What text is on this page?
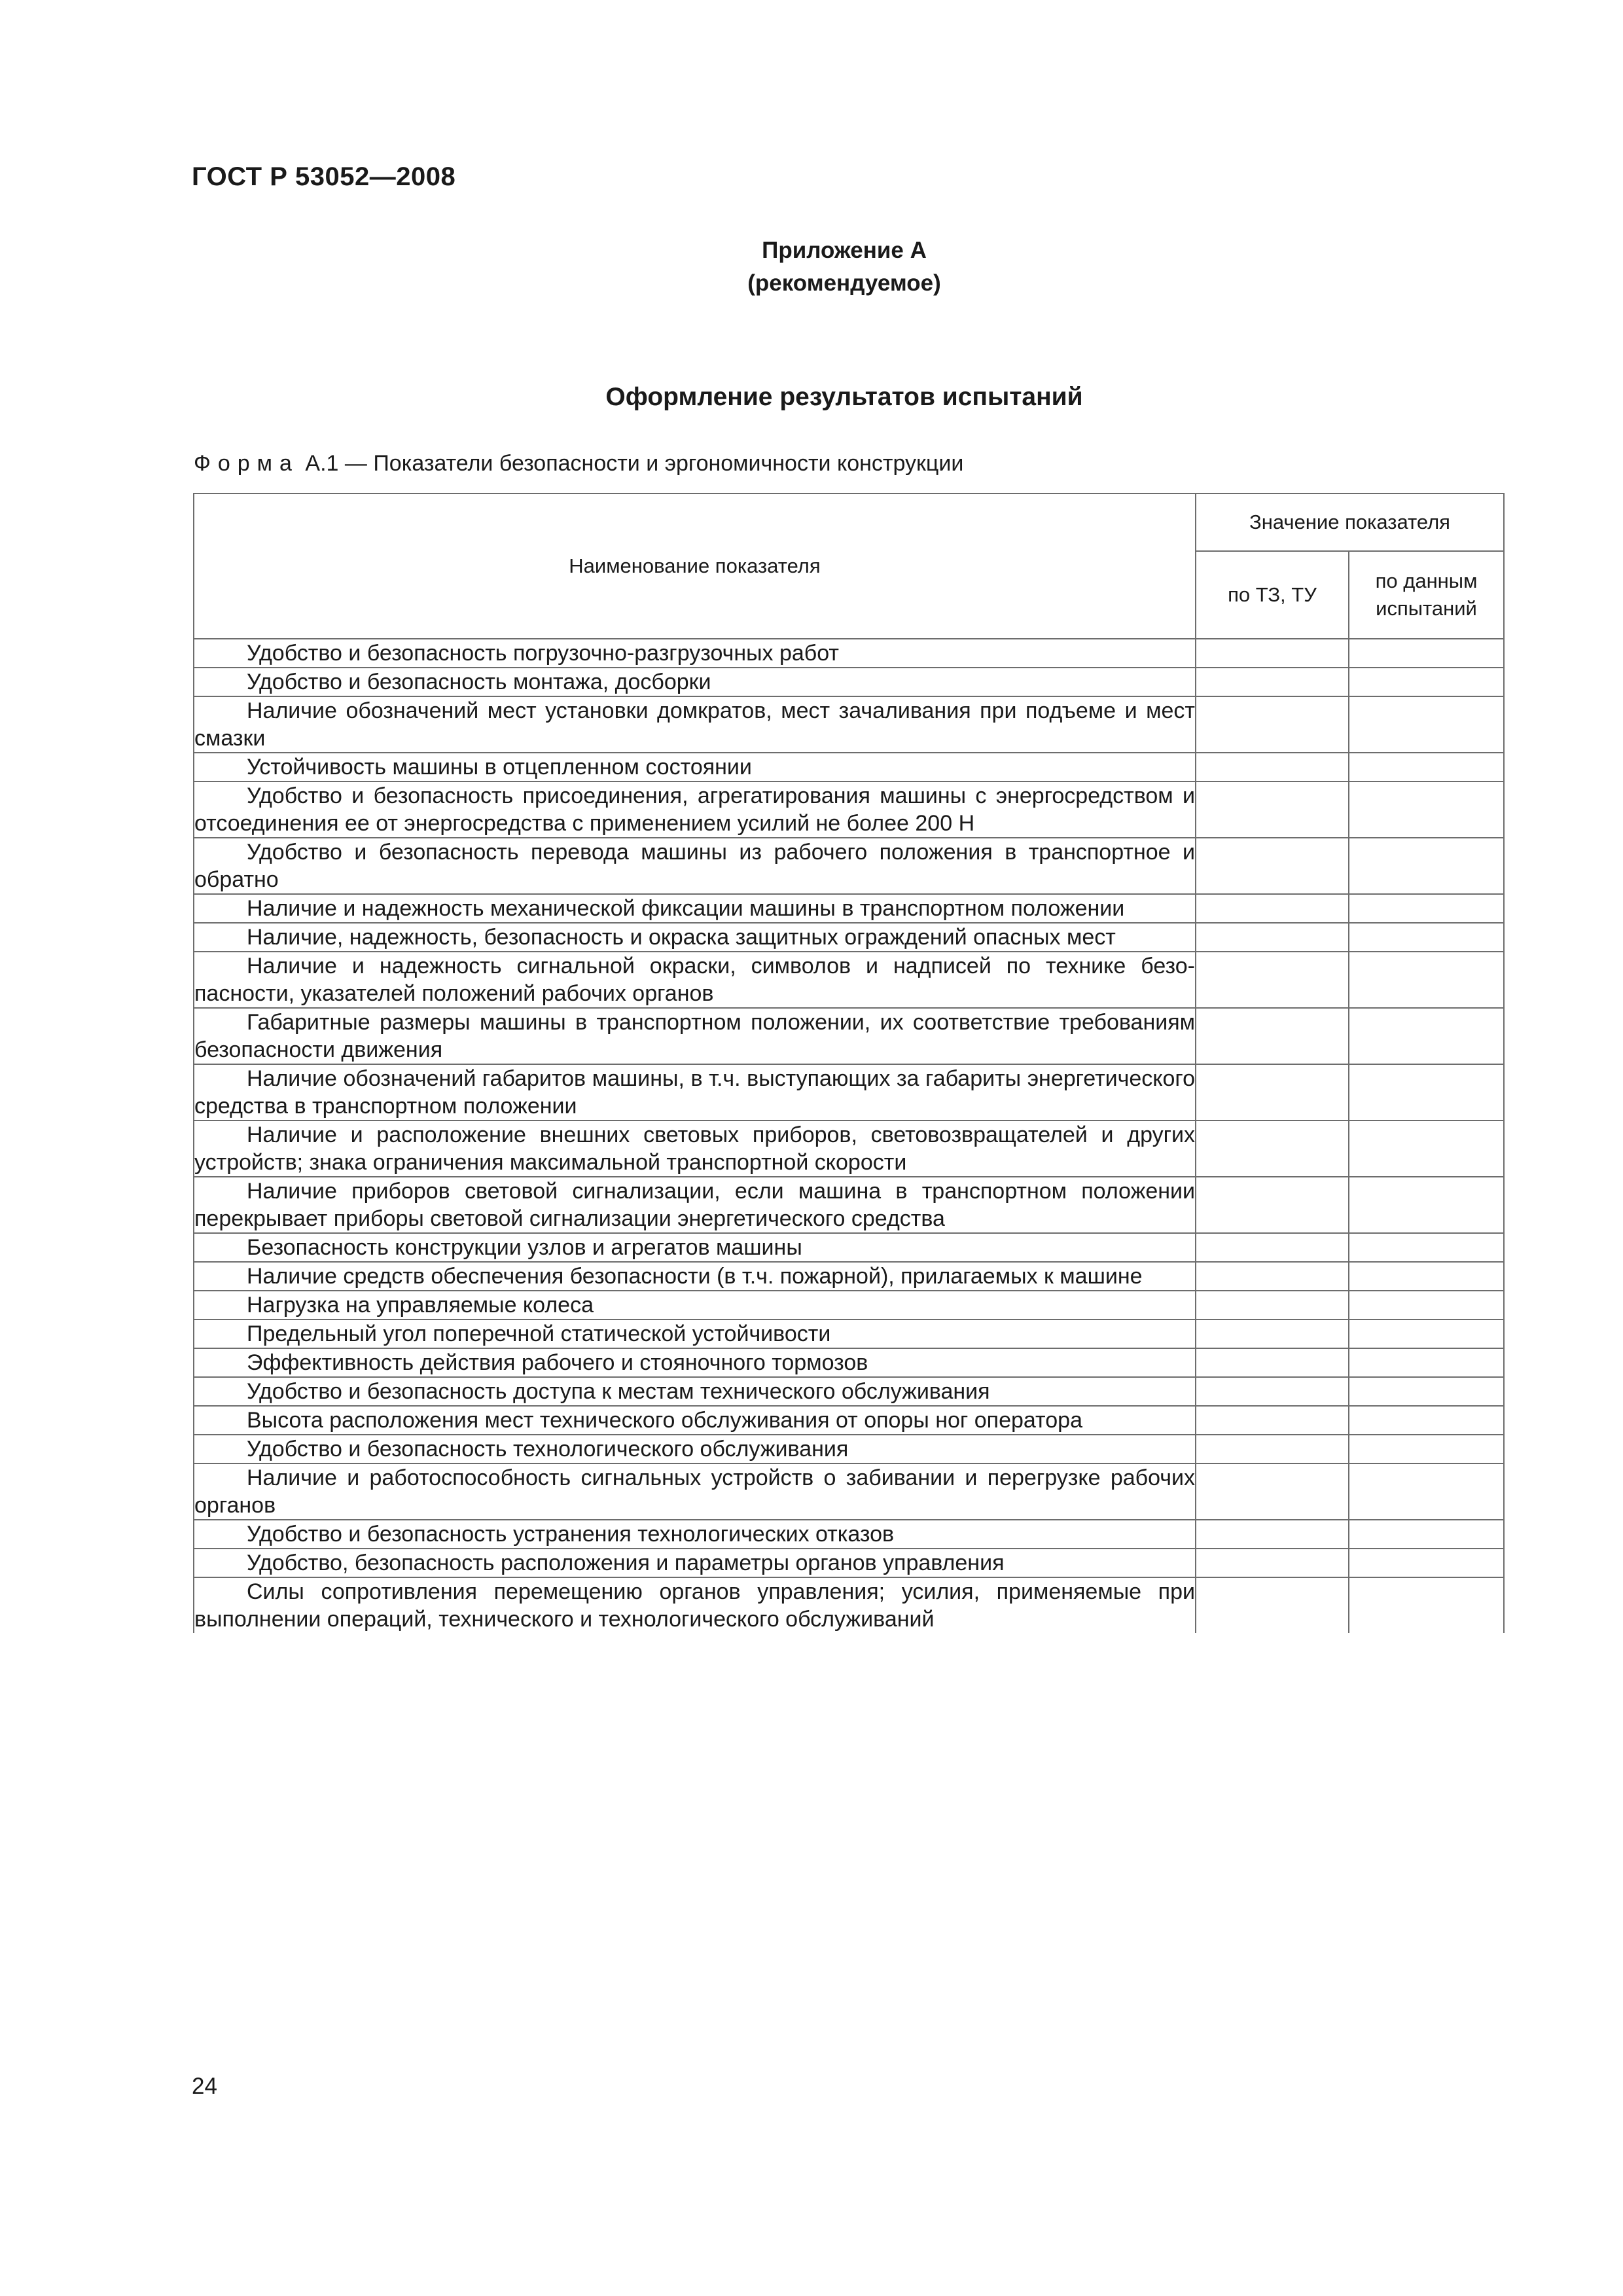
ГОСТ Р 53052—2008
Приложение А
(рекомендуемое)
Оформление результатов испытаний
Форма А.1 — Показатели безопасности и эргономичности конструкции
Наименование показателя	Значение показателя	
	по ТЗ, ТУ	по данным испытаний
Удобство и безопасность погрузочно-разгрузочных работ		
Удобство и безопасность монтажа, досборки		
Наличие обозначений мест установки домкратов, мест зачаливания при подъеме и мест смазки		
Устойчивость машины в отцепленном состоянии		
Удобство и безопасность присоединения, агрегатирования машины с энергосредством и отсоединения ее от энергосредства с применением усилий не более 200 Н		
Удобство и безопасность перевода машины из рабочего положения в транспортное и обратно		
Наличие и надежность механической фиксации машины в транспортном положении		
Наличие, надежность, безопасность и окраска защитных ограждений опасных мест		
Наличие и надежность сигнальной окраски, символов и надписей по технике безопасности, указателей положений рабочих органов		
Габаритные размеры машины в транспортном положении, их соответствие требованиям безопасности движения		
Наличие обозначений габаритов машины, в т.ч. выступающих за габариты энергетического средства в транспортном положении		
Наличие и расположение внешних световых приборов, световозвращателей и других устройств; знака ограничения максимальной транспортной скорости		
Наличие приборов световой сигнализации, если машина в транспортном положении перекрывает приборы световой сигнализации энергетического средства		
Безопасность конструкции узлов и агрегатов машины		
Наличие средств обеспечения безопасности (в т.ч. пожарной), прилагаемых к машине		
Нагрузка на управляемые колеса		
Предельный угол поперечной статической устойчивости		
Эффективность действия рабочего и стояночного тормозов		
Удобство и безопасность доступа к местам технического обслуживания		
Высота расположения мест технического обслуживания от опоры ног оператора		
Удобство и безопасность технологического обслуживания		
Наличие и работоспособность сигнальных устройств о забивании и перегрузке рабочих органов		
Удобство и безопасность устранения технологических отказов		
Удобство, безопасность расположения и параметры органов управления		
Силы сопротивления перемещению органов управления; усилия, применяемые при выполнении операций, технического и технологического обслуживаний		
24
